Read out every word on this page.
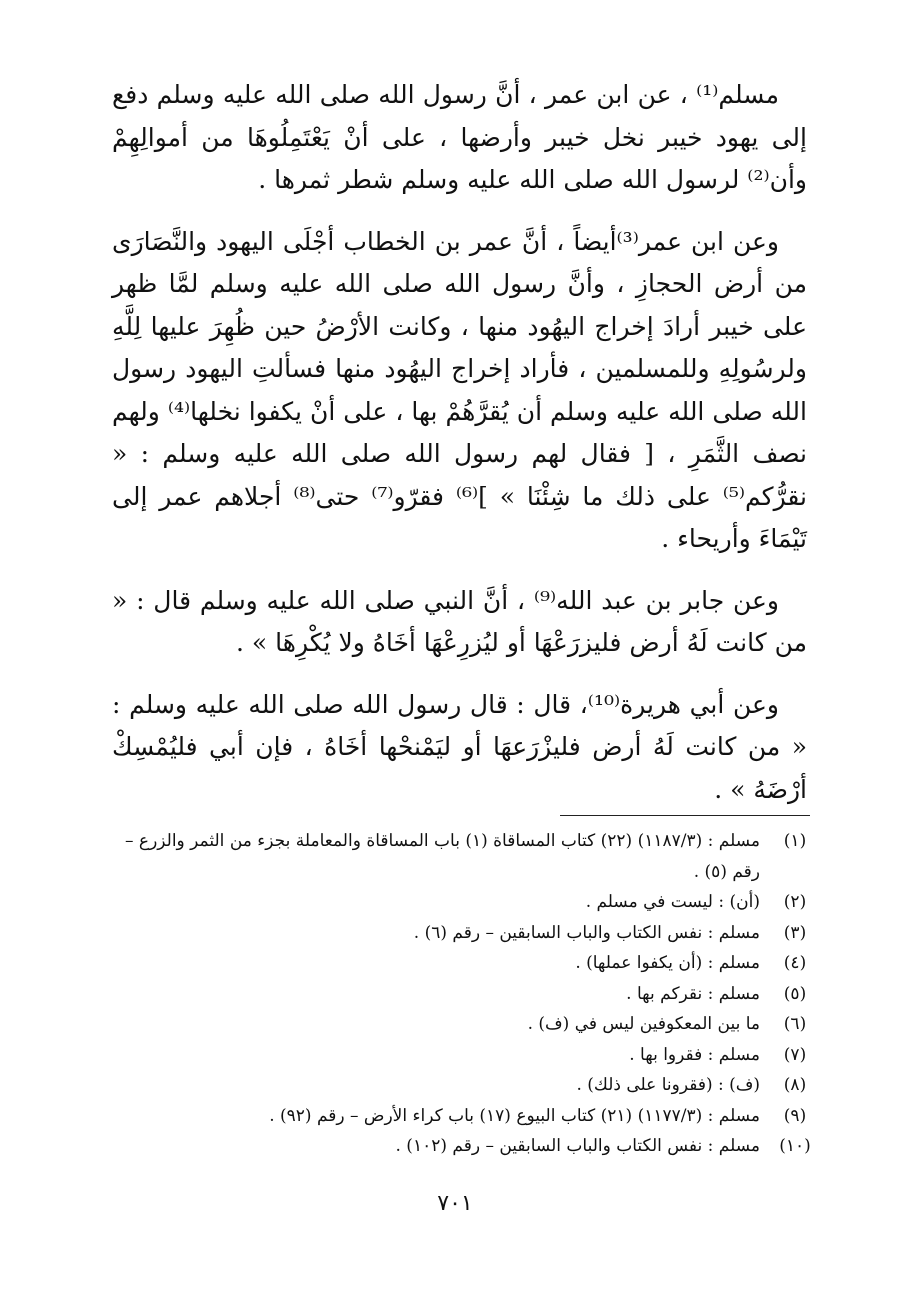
مسلم⁽¹⁾ ، عن ابن عمر ، أنَّ رسول الله صلى الله عليه وسلم دفع إلى يهود خيبر نخل خيبر وأرضها ، على أنْ يَعْتَمِلُوهَا من أموالِهِمْ وأن⁽²⁾ لرسول الله صلى الله عليه وسلم شطر ثمرها .

وعن ابن عمر⁽³⁾أيضاً ، أنَّ عمر بن الخطاب أجْلَى اليهود والنَّصَارَى من أرض الحجازِ ، وأنَّ رسول الله صلى الله عليه وسلم لمَّا ظهر على خيبر أرادَ إخراج اليهُود منها ، وكانت الأرْضُ حين ظُهِرَ عليها لِلَّهِ ولرسُولِهِ وللمسلمين ، فأراد إخراج اليهُود منها فسألتِ اليهود رسول الله صلى الله عليه وسلم أن يُقرَّهُمْ بها ، على أنْ يكفوا نخلها⁽⁴⁾ ولهم نصف الثَّمَرِ ، [ فقال لهم رسول الله صلى الله عليه وسلم : « نقرُّكم⁽⁵⁾ على ذلك ما شِئْنَا » ]⁽⁶⁾ فقرّو⁽⁷⁾ حتى⁽⁸⁾ أجلاهم عمر إلى تَيْمَاءَ وأريحاء .

وعن جابر بن عبد الله⁽⁹⁾ ، أنَّ النبي صلى الله عليه وسلم قال : « من كانت لَهُ أرض فليزرَعْهَا أو ليُزرِعْهَا أخَاهُ ولا يُكْرِهَا » .

وعن أبي هريرة⁽¹⁰⁾، قال : قال رسول الله صلى الله عليه وسلم : « من كانت لَهُ أرض فليزْرَعهَا أو ليَمْنحْها أخَاهُ ، فإن أبي فليُمْسِكْ أرْضَهُ » .

(١)
مسلم : (١١٨٧/٣) (٢٢) كتاب المساقاة (١) باب المساقاة والمعاملة بجزء من الثمر والزرع – رقم (٥) .
(٢)
(أن) : ليست في مسلم .
(٣)
مسلم : نفس الكتاب والباب السابقين – رقم (٦) .
(٤)
مسلم : (أن يكفوا عملها) .
(٥)
مسلم : نقركم بها .
(٦)
ما بين المعكوفين ليس في (ف) .
(٧)
مسلم : فقروا بها .
(٨)
(ف) : (فقرونا على ذلك) .
(٩)
مسلم : (١١٧٧/٣) (٢١) كتاب البيوع (١٧) باب كراء الأرض – رقم (٩٢) .
(١٠)
مسلم : نفس الكتاب والباب السابقين – رقم (١٠٢) .
٧٠١
